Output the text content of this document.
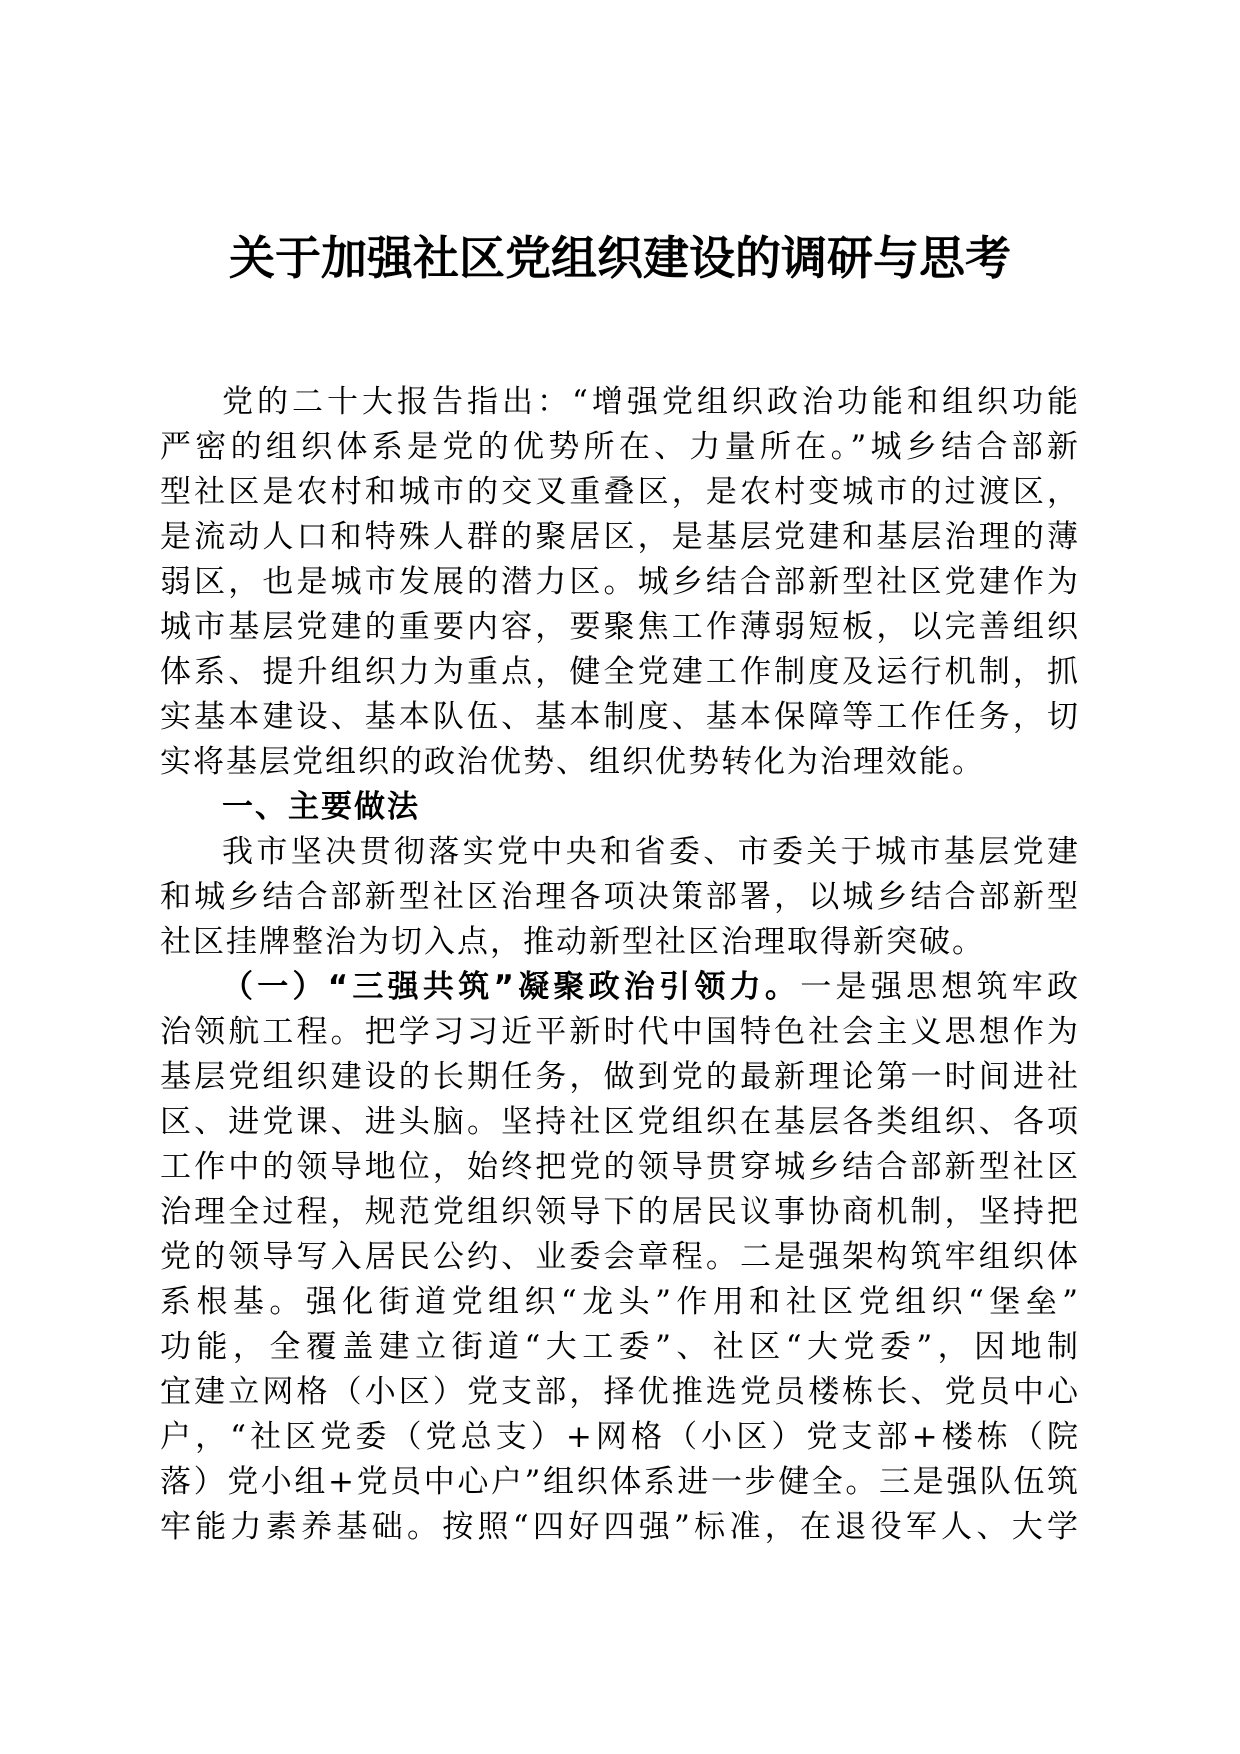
关于加强社区党组织建设的调研与思考
党的二十大报告指出：“增强党组织政治功能和组织功能
严密的组织体系是党的优势所在、力量所在。”城乡结合部新
型社区是农村和城市的交叉重叠区，是农村变城市的过渡区，
是流动人口和特殊人群的聚居区，是基层党建和基层治理的薄
弱区，也是城市发展的潜力区。城乡结合部新型社区党建作为
城市基层党建的重要内容，要聚焦工作薄弱短板，以完善组织
体系、提升组织力为重点，健全党建工作制度及运行机制，抓
实基本建设、基本队伍、基本制度、基本保障等工作任务，切
实将基层党组织的政治优势、组织优势转化为治理效能。
一、主要做法
我市坚决贯彻落实党中央和省委、市委关于城市基层党建
和城乡结合部新型社区治理各项决策部署，以城乡结合部新型
社区挂牌整治为切入点，推动新型社区治理取得新突破。
（一）“三强共筑”凝聚政治引领力。一是强思想筑牢政
治领航工程。把学习习近平新时代中国特色社会主义思想作为
基层党组织建设的长期任务，做到党的最新理论第一时间进社
区、进党课、进头脑。坚持社区党组织在基层各类组织、各项
工作中的领导地位，始终把党的领导贯穿城乡结合部新型社区
治理全过程，规范党组织领导下的居民议事协商机制，坚持把
党的领导写入居民公约、业委会章程。二是强架构筑牢组织体
系根基。强化街道党组织“龙头”作用和社区党组织“堡垒”
功能，全覆盖建立街道“大工委”、社区“大党委”，因地制
宜建立网格（小区）党支部，择优推选党员楼栋长、党员中心
户，“社区党委（党总支）+网格（小区）党支部+楼栋（院
落）党小组+党员中心户”组织体系进一步健全。三是强队伍筑
牢能力素养基础。按照“四好四强”标准，在退役军人、大学
